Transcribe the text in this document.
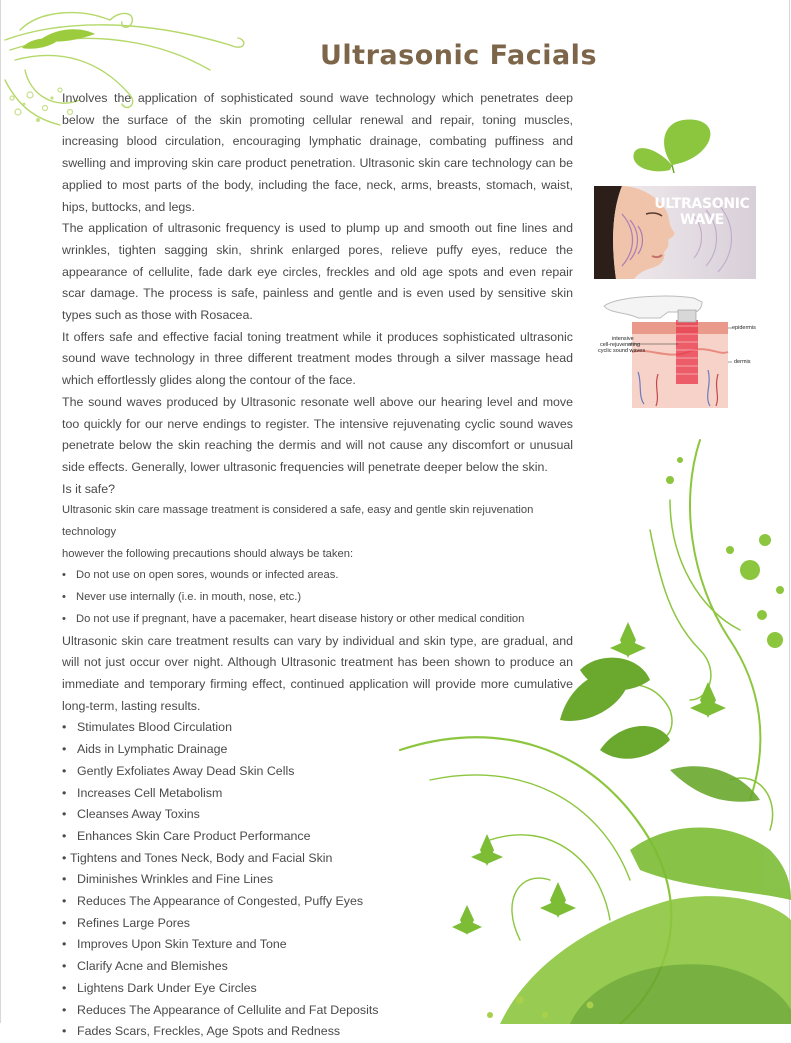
Ultrasonic Facials

Involves the application of sophisticated sound wave technology which penetrates deep below the surface of the skin promoting cellular renewal and repair, toning muscles, increasing blood circulation, encouraging lymphatic drainage, combating puffiness and swelling and improving skin care product penetration. Ultrasonic skin care technology can be applied to most parts of the body, including the face, neck, arms, breasts, stomach, waist, hips, buttocks, and legs.

The application of ultrasonic frequency is used to plump up and smooth out fine lines and wrinkles, tighten sagging skin, shrink enlarged pores, relieve puffy eyes, reduce the appearance of cellulite, fade dark eye circles, freckles and old age spots and even repair scar damage. The process is safe, painless and gentle and is even used by sensitive skin types such as those with Rosacea.

It offers safe and effective facial toning treatment while it produces sophisticated ultrasonic sound wave technology in three different treatment modes through a silver massage head which effortlessly glides along the contour of the face.

The sound waves produced by Ultrasonic resonate well above our hearing level and move too quickly for our nerve endings to register. The intensive rejuvenating cyclic sound waves penetrate below the skin reaching the dermis and will not cause any discomfort or unusual side effects. Generally, lower ultrasonic frequencies will penetrate deeper below the skin.

Is it safe?
Ultrasonic skin care massage treatment is considered a safe, easy and gentle skin rejuvenation technology
however the following precautions should always be taken:
• Do not use on open sores, wounds or infected areas.
• Never use internally (i.e. in mouth, nose, etc.)
• Do not use if pregnant, have a pacemaker, heart disease history or other medical condition

Ultrasonic skin care treatment results can vary by individual and skin type, are gradual, and will not just occur over night. Although Ultrasonic treatment has been shown to produce an immediate and temporary firming effect, continued application will provide more cumulative long-term, lasting results.

• Stimulates Blood Circulation
• Aids in Lymphatic Drainage
• Gently Exfoliates Away Dead Skin Cells
• Increases Cell Metabolism
• Cleanses Away Toxins
• Enhances Skin Care Product Performance
• Tightens and Tones Neck, Body and Facial Skin
• Diminishes Wrinkles and Fine Lines
• Reduces The Appearance of Congested, Puffy Eyes
• Refines Large Pores
• Improves Upon Skin Texture and Tone
• Clarify Acne and Blemishes
• Lightens Dark Under Eye Circles
• Reduces The Appearance of Cellulite and Fat Deposits
• Fades Scars, Freckles, Age Spots and Redness
ULTRASONIC
WAVE
intensive
cell-rejuvenating
cyclic sound waves
epidermis
dermis
